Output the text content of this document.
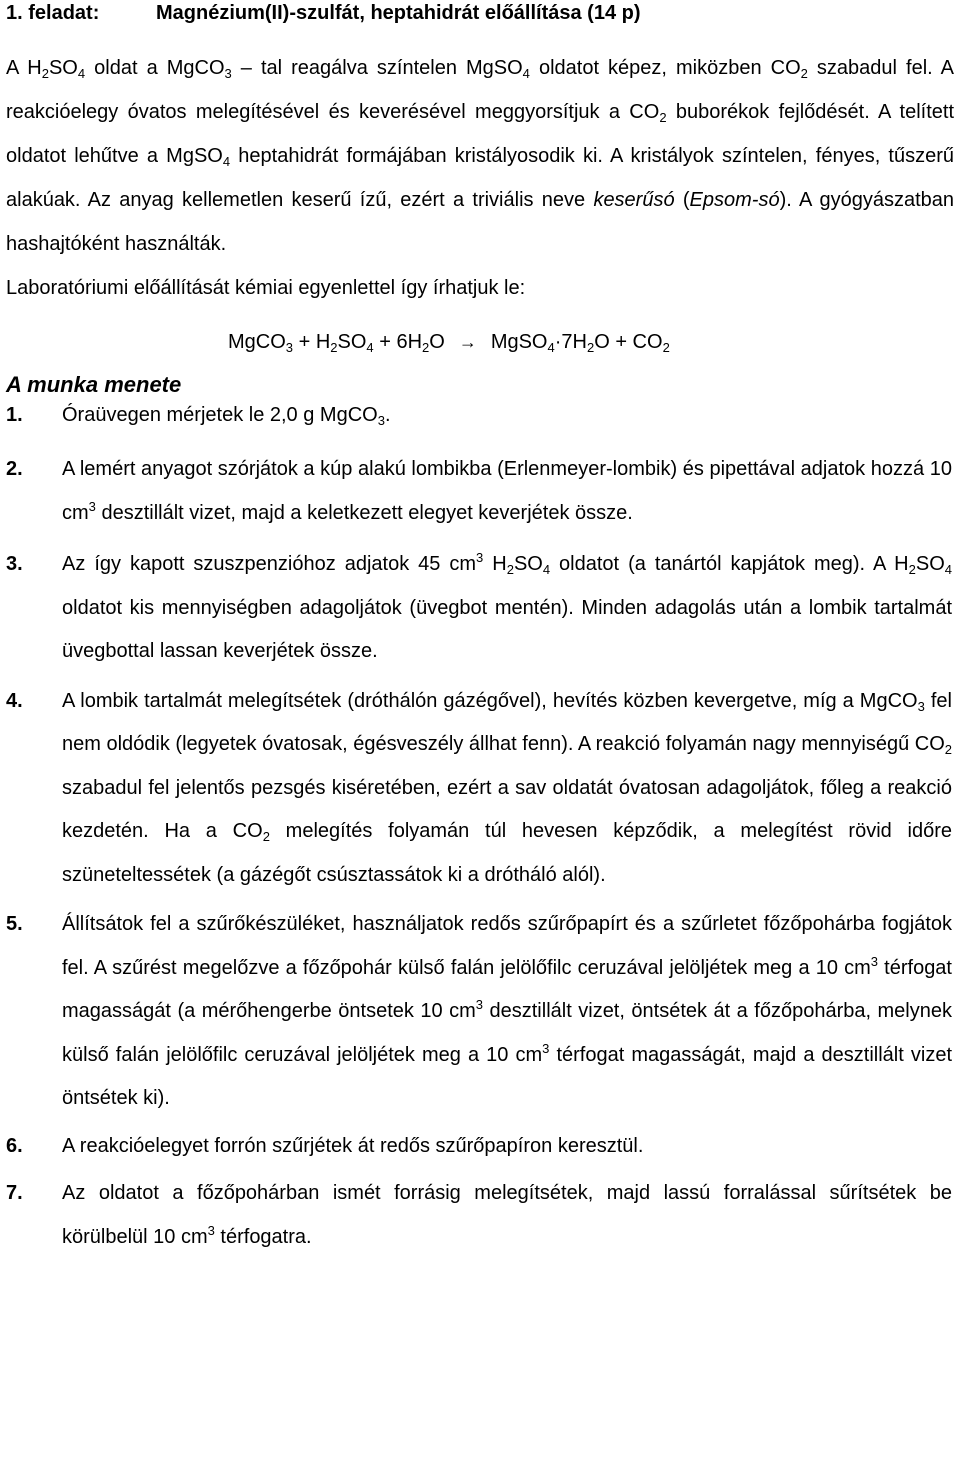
1. feladat:	Magnézium(II)-szulfát, heptahidrát előállítása (14 p)

A $H_2SO_4$ oldat a MgCO$_3$ – tal reagálva színtelen MgSO$_4$ oldatot képez, miközben $CO_2$ szabadul fel. A reakcióelegy óvatos melegítésével és keverésével meggyorsítjuk a $CO_2$ buborékok fejlődését. A telített oldatot lehűtve a MgSO$_4$ heptahidrát formájában kristályosodik ki. A kristályok színtelen, fényes, tűszerű alakúak. Az anyag kellemetlen keserű ízű, ezért a triviális neve keserűsó (Epsom-só). A gyógyászatban hashajtóként használták.

Laboratóriumi előállítását kémiai egyenlettel így írhatjuk le:
MgCO$_3$ + $H_2SO_4 + 6H_2O$ → $MgSO_4\cdot 7H_2O + CO_2$
A munka menete
1.	Óraüvegen mérjetek le 2,0 g MgCO$_3$.
2.	A lemért anyagot szórjátok a kúp alakú lombikba (Erlenmeyer-lombik) és pipettával adjatok hozzá 10 $cm^3$ desztillált vizet, majd a keletkezett elegyet keverjétek össze.
3.	Az így kapott szuszpenzióhoz adjatok 45 $cm^3$ $H_2SO_4$ oldatot (a tanártól kapjátok meg). A $H_2SO_4$ oldatot kis mennyiségben adagoljátok (üvegbot mentén). Minden adagolás után a lombik tartalmát üvegbottal lassan keverjétek össze.
4.	A lombik tartalmát melegítsétek (dróthálón gázégővel), hevítés közben kevergetve, míg a MgCO$_3$ fel nem oldódik (legyetek óvatosak, égésveszély állhat fenn). A reakció folyamán nagy mennyiségű $CO_2$ szabadul fel jelentős pezsgés kiséretében, ezért a sav oldatát óvatosan adagoljátok, főleg a reakció kezdetén. Ha a $CO_2$ melegítés folyamán túl hevesen képződik, a melegítést rövid időre szüneteltessétek (a gázégőt csúsztassátok ki a drótháló alól).
5.	Állítsátok fel a szűrőkészüléket, használjatok redős szűrőpapírt és a szűrletet főzőpohárba fogjátok fel. A szűrést megelőzve a főzőpohár külső falán jelölőfilc ceruzával jelöljétek meg a 10 $cm^3$ térfogat magasságát (a mérőhengerbe öntsetek 10 $cm^3$ desztillált vizet, öntsétek át a főzőpohárba, melynek külső falán jelölőfilc ceruzával jelöljétek meg a 10 $cm^3$ térfogat magasságát, majd a desztillált vizet öntsétek ki).
6.	A reakcióelegyet forrón szűrjétek át redős szűrőpapíron keresztül.
7.	Az oldatot a főzőpohárban ismét forrásig melegítsétek, majd lassú forralással sűrítsétek be körülbelül 10 $cm^3$ térfogatra.
